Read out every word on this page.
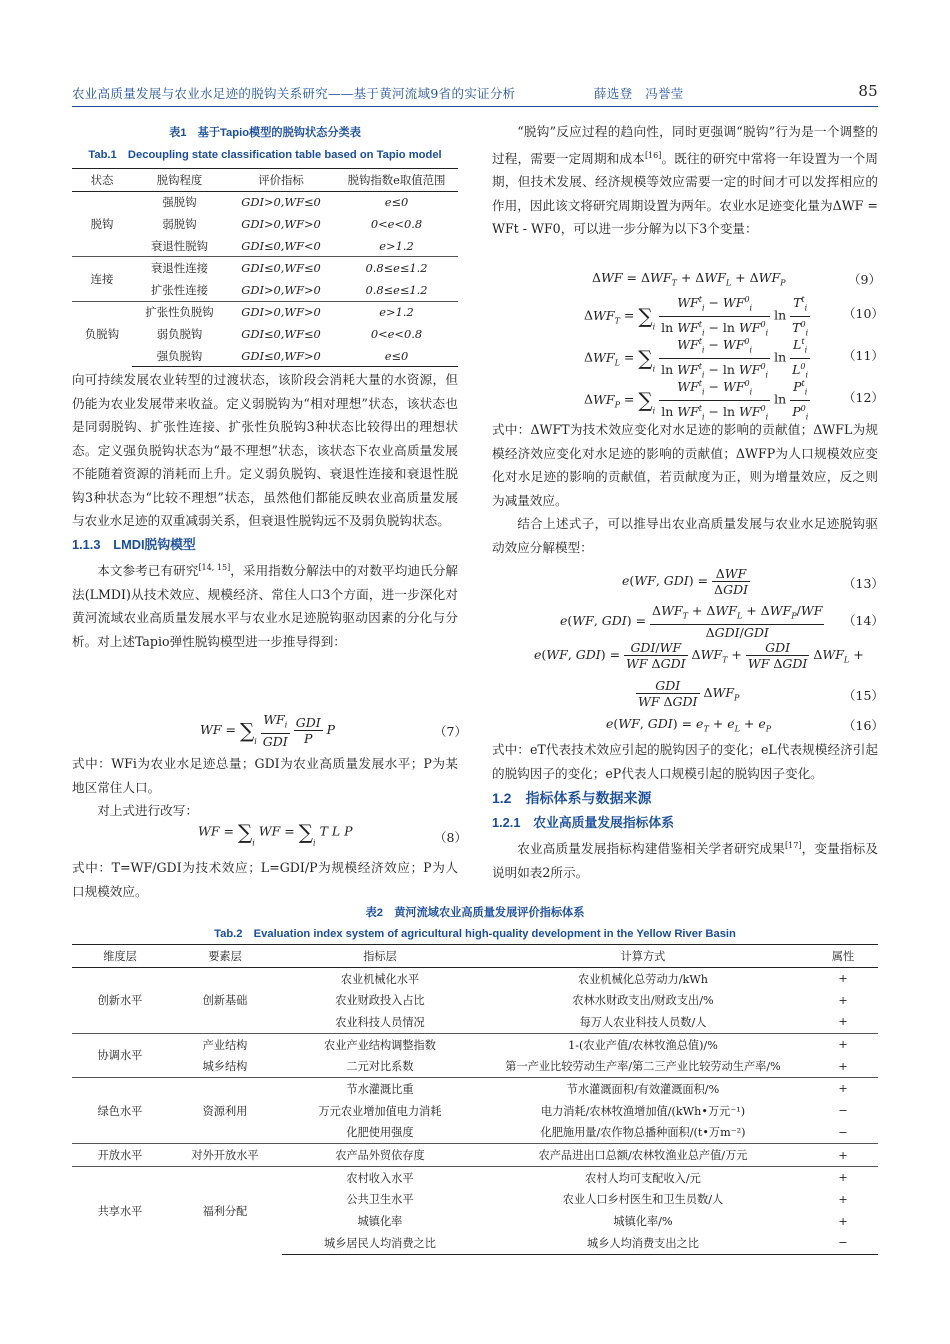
农业高质量发展与农业水足迹的脱钩关系研究——基于黄河流域9省的实证分析	薛选登　冯誉莹	85
表1　基于Tapio模型的脱钩状态分类表
Tab.1　Decoupling state classification table based on Tapio model
状态	脱钩程度	评价指标	脱钩指数e取值范围
脱钩	强脱钩	GDI>0,WF≤0	e≤0
	弱脱钩	GDI>0,WF>0	0<e<0.8
	衰退性脱钩	GDI≤0,WF<0	e>1.2
连接	衰退性连接	GDI≤0,WF≤0	0.8≤e≤1.2
	扩张性连接	GDI>0,WF>0	0.8≤e≤1.2
负脱钩	扩张性负脱钩	GDI>0,WF>0	e>1.2
	弱负脱钩	GDI≤0,WF≤0	0<e<0.8
	强负脱钩	GDI≤0,WF>0	e≤0

向可持续发展农业转型的过渡状态，该阶段会消耗大量的水资源，但仍能为农业发展带来收益。定义弱脱钩为“相对理想”状态，该状态也是同弱脱钩、扩张性连接、扩张性负脱钩3种状态比较得出的理想状态。定义强负脱钩状态为“最不理想”状态，该状态下农业高质量发展不能随着资源的消耗而上升。定义弱负脱钩、衰退性连接和衰退性脱钩3种状态为“比较不理想”状态，虽然他们都能反映农业高质量发展与农业水足迹的双重减弱关系，但衰退性脱钩远不及弱负脱钩状态。

1.1.3　LMDI脱钩模型

本文参考已有研究[14, 15]，采用指数分解法中的对数平均迪氏分解法(LMDI)从技术效应、规模经济、常住人口3个方面，进一步深化对黄河流域农业高质量发展水平与农业水足迹脱钩驱动因素的分化与分析。对上述Tapio弹性脱钩模型进一步推导得到：

WF = $\sum_i \frac{WF_i}{\text{GDI}}$
$\frac{\text{GDI}}{P}$ P	（7）

式中：WFi为农业水足迹总量；GDI为农业高质量发展水平；P为某地区常住人口。

对上式进行改写：

WF = $\sum_i$ WF = $\sum_i$ T L P	（8）

式中：T=WF/GDI为技术效应；L=GDI/P为规模经济效应；P为人口规模效应。

“脱钩”反应过程的趋向性，同时更强调“脱钩”行为是一个调整的过程，需要一定周期和成本[16]。既往的研究中常将一年设置为一个周期，但技术发展、经济规模等效应需要一定的时间才可以发挥相应的作用，因此该文将研究周期设置为两年。农业水足迹变化量为ΔWF = WFt - WF0，可以进一步分解为以下3个变量：

$\Delta WF = \Delta WF_T + \Delta WF_L + \Delta WF_P$	（9）
$\Delta WF_T = \sum_i \frac{WF^t_i - WF^0_i}{\ln WF^t_i - \ln WF^0_i}$ $\ln \frac{T^t_i}{T^0_i}$	（10）
$\Delta WF_L = \sum_i \frac{WF^t_i - WF^0_i}{\ln WF^t_i - \ln WF^0_i}$ $\ln \frac{L^t_i}{L^0_i}$	（11）
$\Delta WF_P = \sum_i \frac{WF^t_i - WF^0_i}{\ln WF^t_i - \ln WF^0_i}$ $\ln \frac{P^t_i}{P^0_i}$	（12）

式中：ΔWFT为技术效应变化对水足迹的影响的贡献值；ΔWFL为规模经济效应变化对水足迹的影响的贡献值；ΔWFP为人口规模效应变化对水足迹的影响的贡献值，若贡献度为正，则为增量效应，反之则为减量效应。

结合上述式子，可以推导出农业高质量发展与农业水足迹脱钩驱动效应分解模型：

e(WF, $GDI) = \frac{\text{ΔWF}}{\text{ΔGDI}}$	（13）
e(WF, $GDI) = \frac{\Delta WF_T + \Delta WF_L + \Delta WF_P/WF}{\text{ΔGDI/GDI}} (14)$
e(WF, $GDI) = \frac{\text{GDI/WF}}{\text{WF ΔGDI}} \Delta WF_T + \frac{\text{GDI}}{\text{WF ΔGDI}} \Delta WF_L$ +
$\frac{\text{GDI}}{\text{WF ΔGDI}} \Delta WF_P$	（15）
e(WF, $GDI) = e_T + e_L + e_P$	（16）

式中：eT代表技术效应引起的脱钩因子的变化；eL代表规模经济引起的脱钩因子的变化；eP代表人口规模引起的脱钩因子变化。

1.2　指标体系与数据来源

1.2.1　农业高质量发展指标体系

农业高质量发展指标构建借鉴相关学者研究成果[17]，变量指标及说明如表2所示。

表2　黄河流域农业高质量发展评价指标体系
Tab.2　Evaluation index system of agricultural high-quality development in the Yellow River Basin
维度层	要素层	指标层	计算方式	属性
创新水平	创新基础	农业机械化水平	农业机械化总劳动力/kWh	+
		农业财政投入占比	农林水财政支出/财政支出/%	+
		农业科技人员情况	每万人农业科技人员数/人	+
协调水平	产业结构	农业产业结构调整指数	1-(农业产值/农林牧渔总值)/%	+
	城乡结构	二元对比系数	第一产业比较劳动生产率/第二三产业比较劳动生产率/%	+
绿色水平	资源利用	节水灌溉比重	节水灌溉面积/有效灌溉面积/%	+
		万元农业增加值电力消耗	电力消耗/农林牧渔增加值/(kWh•万元⁻¹)	−
		化肥使用强度	化肥施用量/农作物总播种面积/(t•万m⁻²)	−
开放水平	对外开放水平	农产品外贸依存度	农产品进出口总额/农林牧渔业总产值/万元	+
共享水平	福利分配	农村收入水平	农村人均可支配收入/元	+
		公共卫生水平	农业人口乡村医生和卫生员数/人	+
		城镇化率	城镇化率/%	+
		城乡居民人均消费之比	城乡人均消费支出之比	−
